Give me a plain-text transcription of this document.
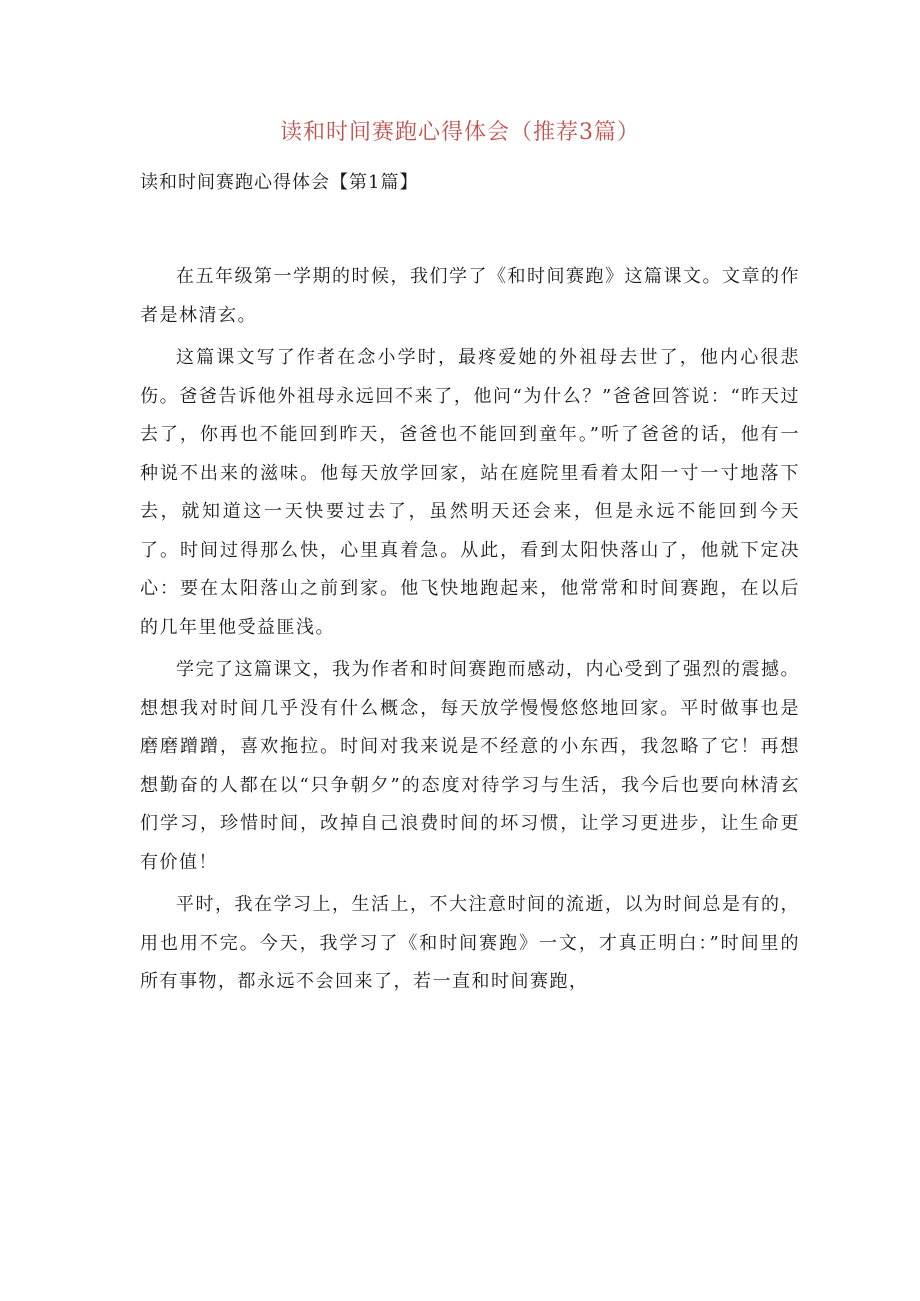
读和时间赛跑心得体会（推荐3篇）
读和时间赛跑心得体会【第1篇】

在五年级第一学期的时候，我们学了《和时间赛跑》这篇课文。文章的作者是林清玄。

这篇课文写了作者在念小学时，最疼爱她的外祖母去世了，他内心很悲伤。爸爸告诉他外祖母永远回不来了，他问“为什么？”爸爸回答说：“昨天过去了，你再也不能回到昨天，爸爸也不能回到童年。”听了爸爸的话，他有一种说不出来的滋味。他每天放学回家，站在庭院里看着太阳一寸一寸地落下去，就知道这一天快要过去了，虽然明天还会来，但是永远不能回到今天了。时间过得那么快，心里真着急。从此，看到太阳快落山了，他就下定决心：要在太阳落山之前到家。他飞快地跑起来，他常常和时间赛跑，在以后的几年里他受益匪浅。

学完了这篇课文，我为作者和时间赛跑而感动，内心受到了强烈的震撼。想想我对时间几乎没有什么概念，每天放学慢慢悠悠地回家。平时做事也是磨磨蹭蹭，喜欢拖拉。时间对我来说是不经意的小东西，我忽略了它！再想想勤奋的人都在以“只争朝夕”的态度对待学习与生活，我今后也要向林清玄们学习，珍惜时间，改掉自己浪费时间的坏习惯，让学习更进步，让生命更有价值！

平时，我在学习上，生活上，不大注意时间的流逝，以为时间总是有的，用也用不完。今天，我学习了《和时间赛跑》一文，才真正明白：”时间里的所有事物，都永远不会回来了，若一直和时间赛跑，
